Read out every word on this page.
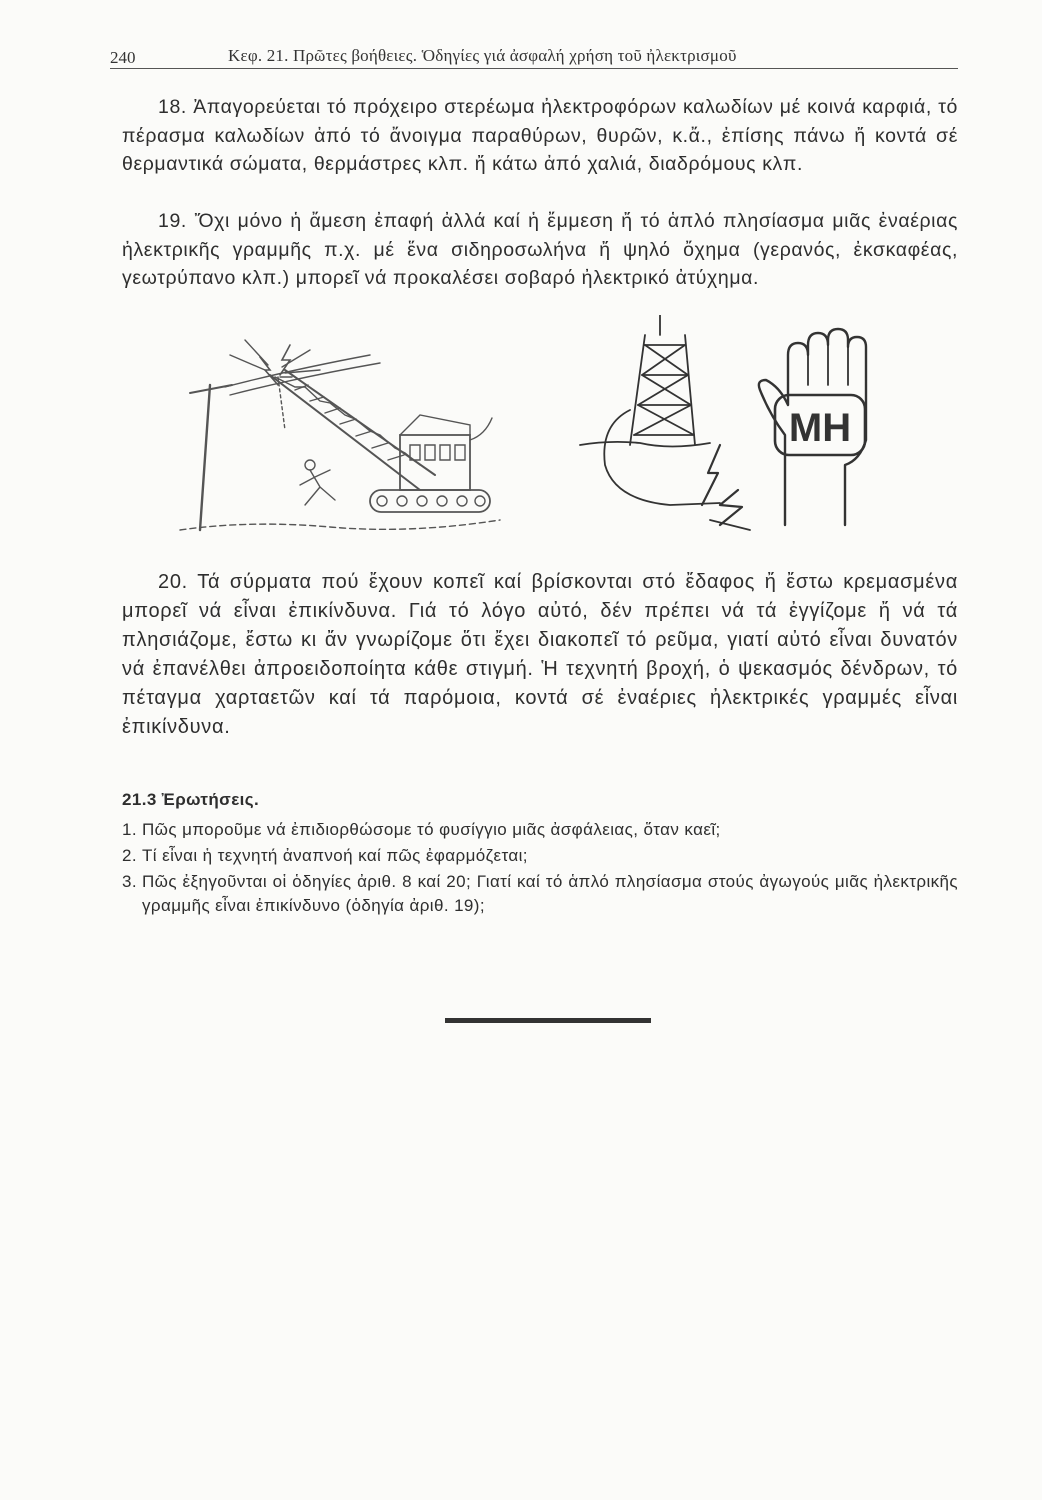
240	Κεφ. 21. Πρῶτες βοήθειες. Ὁδηγίες γιά ἀσφαλή χρήση τοῦ ἠλεκτρισμοῦ

18. Ἀπαγορεύεται τό πρόχειρο στερέωμα ἠλεκτροφόρων καλωδίων μέ κοινά καρφιά, τό πέρασμα καλωδίων ἀπό τό ἄνοιγμα παραθύρων, θυρῶν, κ.ἄ., ἐπίσης πάνω ἤ κοντά σέ θερμαντικά σώματα, θερμάστρες κλπ. ἤ κάτω ἀπό χαλιά, διαδρόμους κλπ.

19. Ὄχι μόνο ἡ ἄμεση ἐπαφή ἀλλά καί ἡ ἔμμεση ἤ τό ἁπλό πλησίασμα μιᾶς ἐναέριας ἠλεκτρικῆς γραμμῆς π.χ. μέ ἕνα σιδηροσωλήνα ἤ ψηλό ὄχημα (γερανός, ἐκσκαφέας, γεωτρύπανο κλπ.) μπορεῖ νά προκαλέσει σοβαρό ἠλεκτρικό ἀτύχημα.

ΜΗ

20. Τά σύρματα πού ἔχουν κοπεῖ καί βρίσκονται στό ἔδαφος ἤ ἔστω κρεμασμένα μπορεῖ νά εἶναι ἐπικίνδυνα. Γιά τό λόγο αὐτό, δέν πρέπει νά τά ἐγγίζομε ἤ νά τά πλησιάζομε, ἔστω κι ἄν γνωρίζομε ὅτι ἔχει διακοπεῖ τό ρεῦμα, γιατί αὐτό εἶναι δυνατόν νά ἐπανέλθει ἀπροειδοποίητα κάθε στιγμή. Ἡ τεχνητή βροχή, ὁ ψεκασμός δένδρων, τό πέταγμα χαρταετῶν καί τά παρόμοια, κοντά σέ ἐναέριες ἠλεκτρικές γραμμές εἶναι ἐπικίνδυνα.

21.3 Ἐρωτήσεις.
1. Πῶς μποροῦμε νά ἐπιδιορθώσομε τό φυσίγγιο μιᾶς ἀσφάλειας, ὅταν καεῖ;
2. Τί εἶναι ἡ τεχνητή ἀναπνοή καί πῶς ἐφαρμόζεται;
3. Πῶς ἐξηγοῦνται οἱ ὁδηγίες ἀριθ. 8 καί 20; Γιατί καί τό ἁπλό πλησίασμα στούς ἀγωγούς μιᾶς ἠλεκτρικῆς γραμμῆς εἶναι ἐπικίνδυνο (ὁδηγία ἀριθ. 19);
